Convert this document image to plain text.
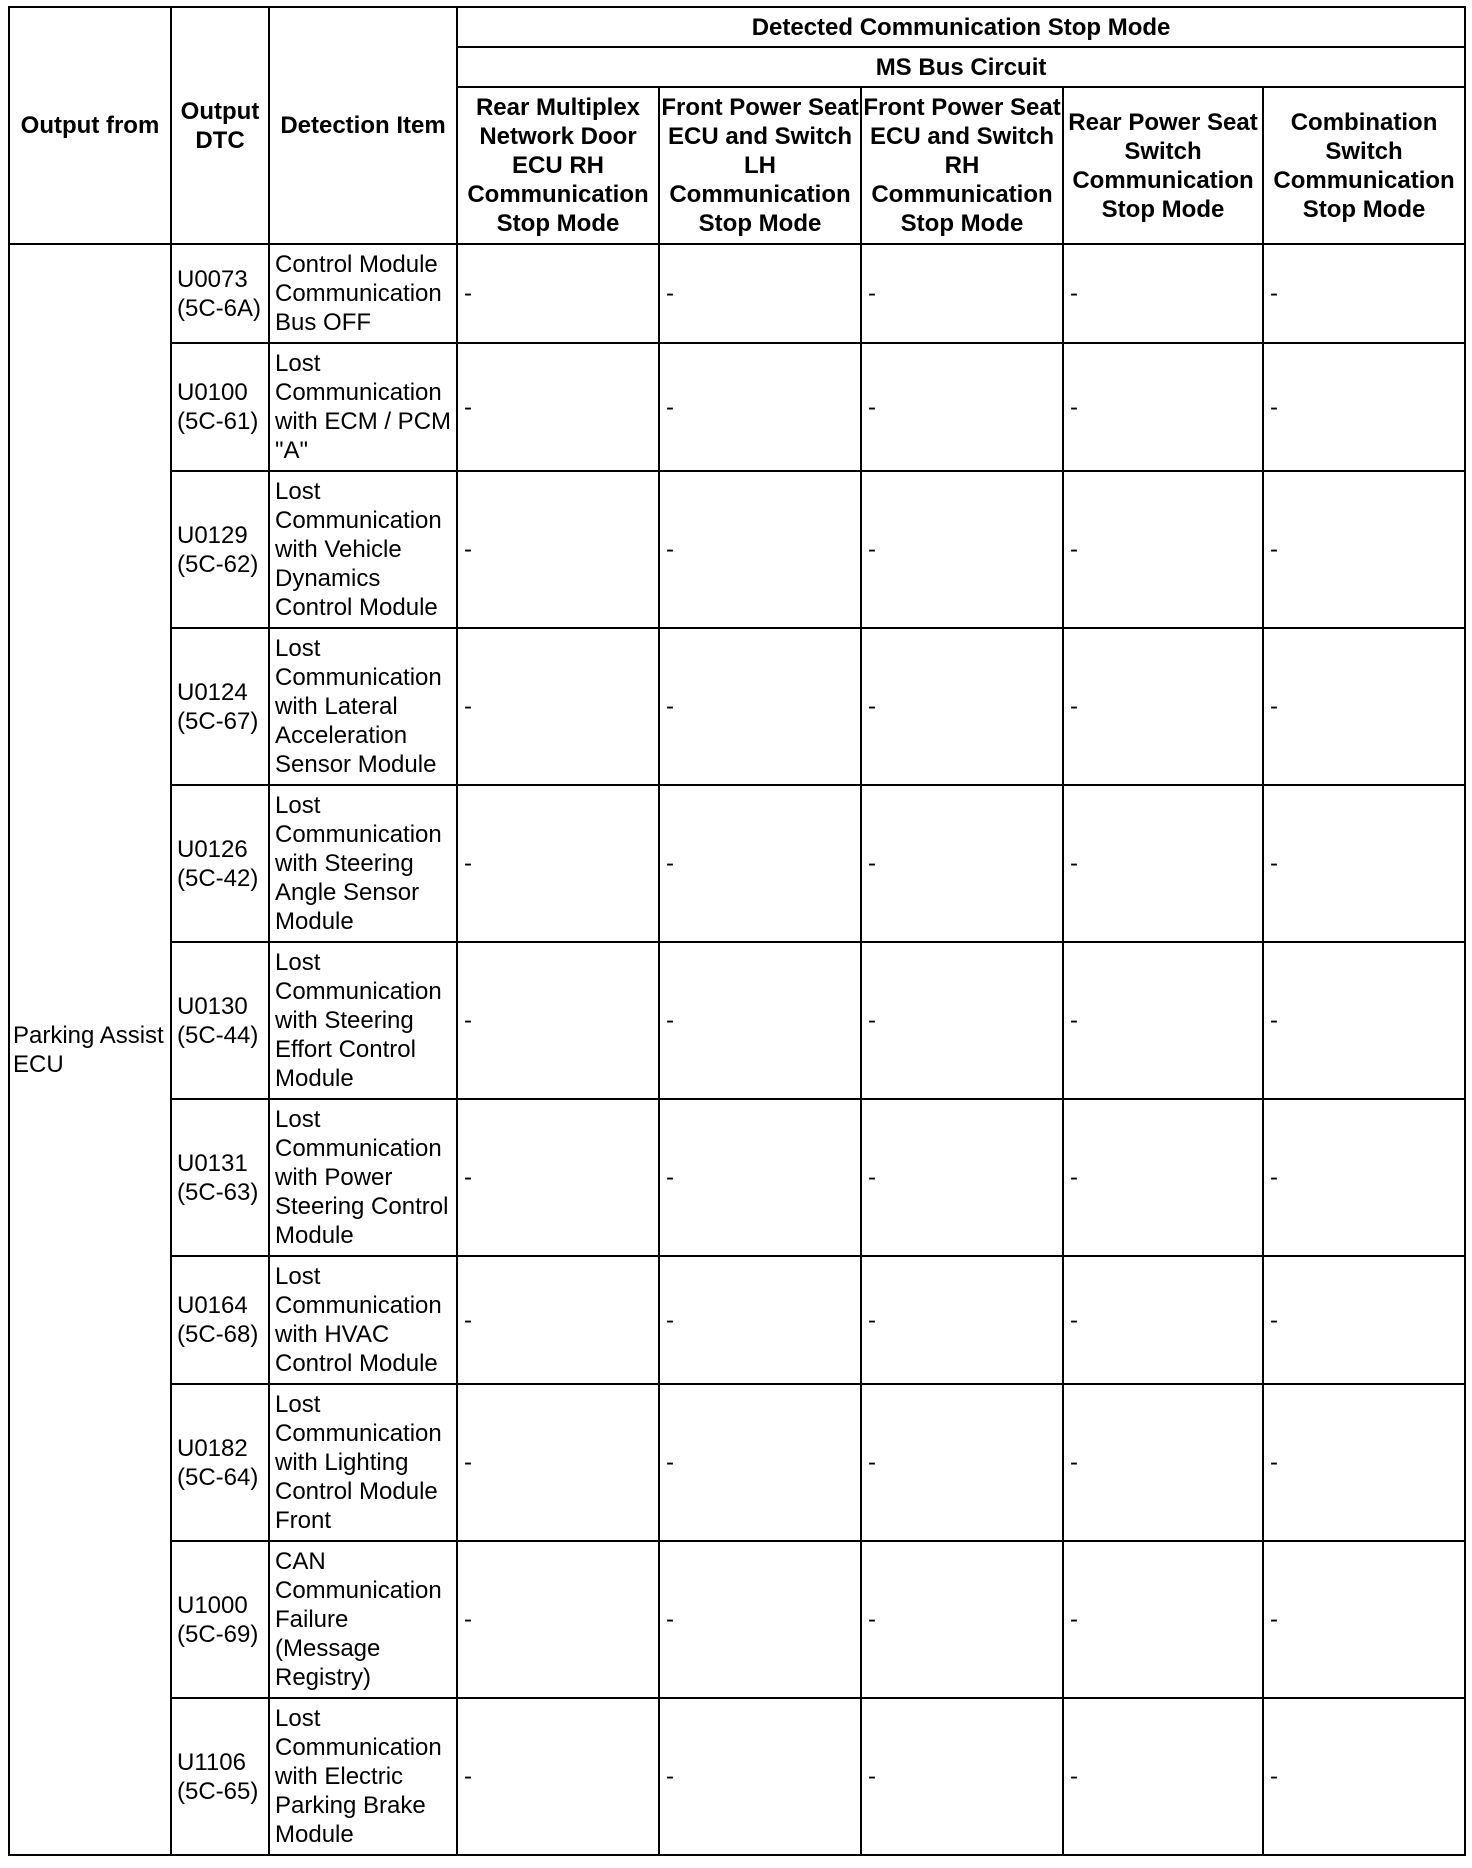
Output from	Output DTC	Detection Item	Detected Communication Stop Mode				
			MS Bus Circuit				
			Rear Multiplex Network Door ECU RH Communication Stop Mode	Front Power Seat ECU and Switch LH Communication Stop Mode	Front Power Seat ECU and Switch RH Communication Stop Mode	Rear Power Seat Switch Communication Stop Mode	Combination Switch Communication Stop Mode
Parking Assist ECU	U0073 (5C-6A)	Control Module Communication Bus OFF	-	-	-	-	-
	U0100 (5C-61)	Lost Communication with ECM / PCM "A"	-	-	-	-	-
	U0129 (5C-62)	Lost Communication with Vehicle Dynamics Control Module	-	-	-	-	-
	U0124 (5C-67)	Lost Communication with Lateral Acceleration Sensor Module	-	-	-	-	-
	U0126 (5C-42)	Lost Communication with Steering Angle Sensor Module	-	-	-	-	-
	U0130 (5C-44)	Lost Communication with Steering Effort Control Module	-	-	-	-	-
	U0131 (5C-63)	Lost Communication with Power Steering Control Module	-	-	-	-	-
	U0164 (5C-68)	Lost Communication with HVAC Control Module	-	-	-	-	-
	U0182 (5C-64)	Lost Communication with Lighting Control Module Front	-	-	-	-	-
	U1000 (5C-69)	CAN Communication Failure (Message Registry)	-	-	-	-	-
	U1106 (5C-65)	Lost Communication with Electric Parking Brake Module	-	-	-	-	-
